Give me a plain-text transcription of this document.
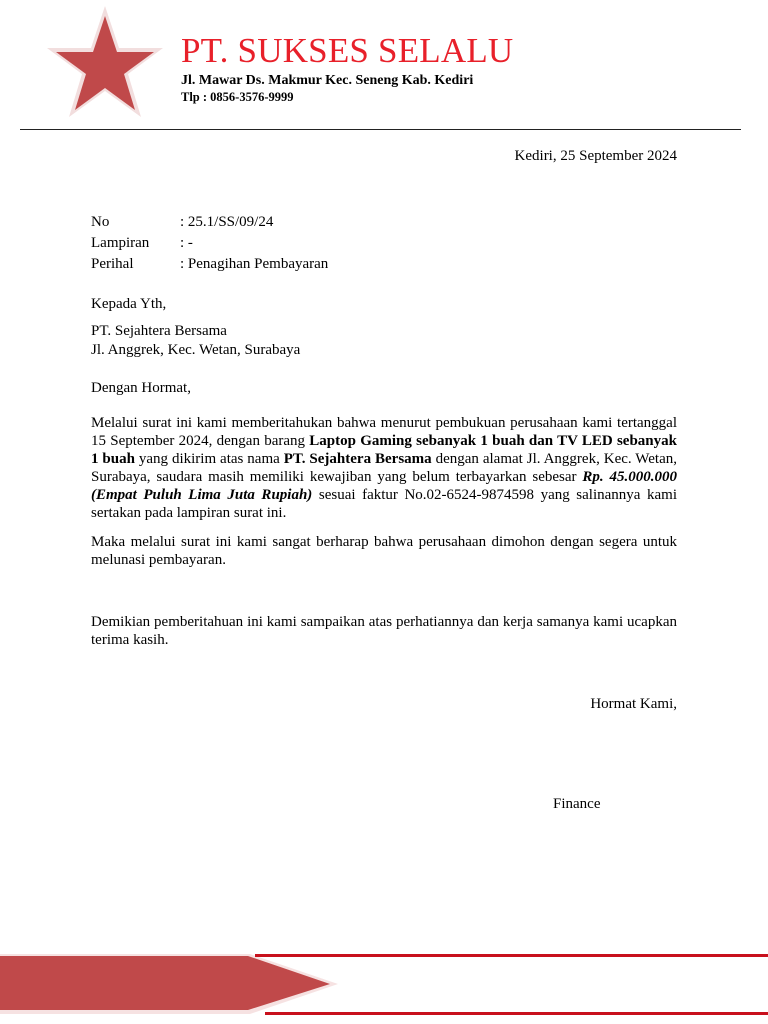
PT. SUKSES SELALU
Jl. Mawar Ds. Makmur Kec. Seneng Kab. Kediri
Tlp : 0856-3576-9999
Kediri, 25 September 2024
No	: 25.1/SS/09/24
Lampiran : -
Perihal	: Penagihan Pembayaran
Kepada Yth,
PT. Sejahtera Bersama
Jl. Anggrek, Kec. Wetan, Surabaya
Dengan Hormat,
Melalui surat ini kami memberitahukan bahwa menurut pembukuan perusahaan kami tertanggal 15 September 2024, dengan barang Laptop Gaming sebanyak 1 buah dan TV LED sebanyak 1 buah yang dikirim atas nama PT. Sejahtera Bersama dengan alamat Jl. Anggrek, Kec. Wetan, Surabaya, saudara masih memiliki kewajiban yang belum terbayarkan sebesar Rp. 45.000.000 (Empat Puluh Lima Juta Rupiah) sesuai faktur No.02-6524-9874598 yang salinannya kami sertakan pada lampiran surat ini.
Maka melalui surat ini kami sangat berharap bahwa perusahaan dimohon dengan segera untuk melunasi pembayaran.
Demikian pemberitahuan ini kami sampaikan atas perhatiannya dan kerja samanya kami ucapkan terima kasih.
Hormat Kami,
Finance
